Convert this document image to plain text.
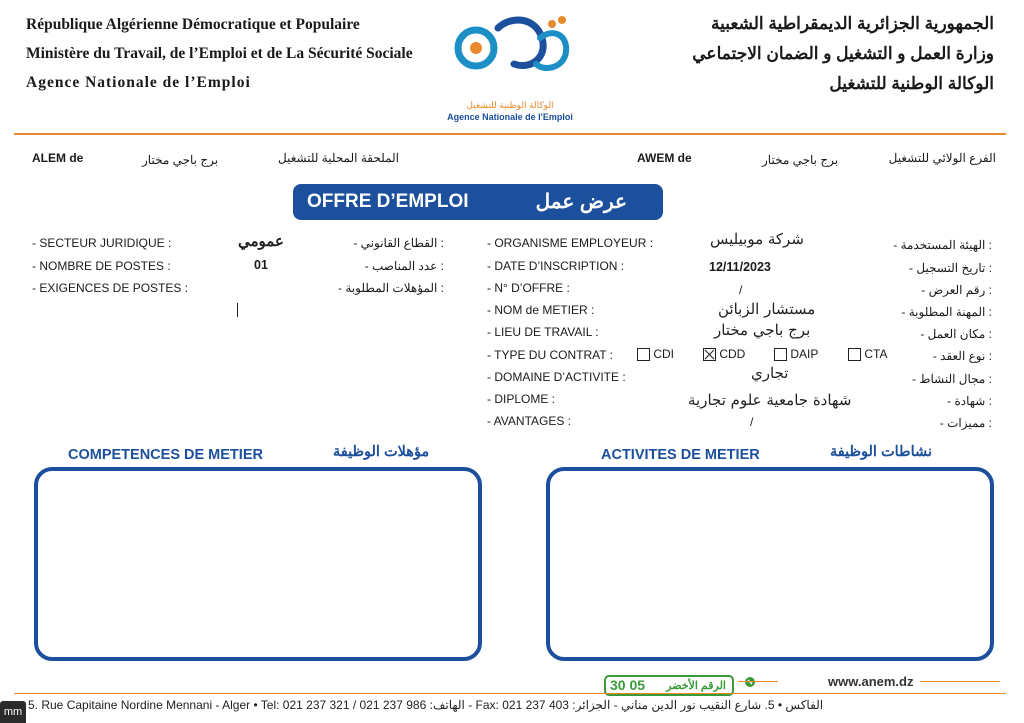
République Algérienne Démocratique et Populaire
Ministère du Travail, de l’Emploi et de La Sécurité Sociale
Agence Nationale de l’Emploi
الوكالة الوطنية للتشغيل
Agence Nationale de l'Emploi
الجمهورية الجزائرية الديمقراطية الشعبية
وزارة العمل و التشغيل و الضمان الاجتماعي
الوكالة الوطنية للتشغيل
ALEM de	برج باجي مختار	الملحقة المحلية للتشغيل	AWEM de	برج باجي مختار	الفرع الولائي للتشغيل
OFFRE D’EMPLOI	عرض عمل
- SECTEUR JURIDIQUE :	عمومي	- القطاع القانوني :
- NOMBRE DE POSTES :	01	- عدد المناصب :
- EXIGENCES DE POSTES :	- المؤهلات المطلوبة :
- ORGANISME EMPLOYEUR :	شركة موبيليس	- الهيئة المستخدمة :
- DATE D’INSCRIPTION :	12/11/2023	- تاريخ التسجيل :
- N° D’OFFRE :	/	- رقم العرض :
- NOM de METIER :	مستشار الزبائن	- المهنة المطلوبة :
- LIEU DE TRAVAIL :	برج باجي مختار	- مكان العمل :
- TYPE DU CONTRAT :	CDI	CDD	DAIP	CTA	- نوع العقد :
- DOMAINE D’ACTIVITE :	تجاري	- مجال النشاط :
- DIPLOME :	شهادة جامعية علوم تجارية	- شهادة :
- AVANTAGES :	/	- مميزات :
COMPETENCES DE METIER	مؤهلات الوظيفة	ACTIVITES DE METIER	نشاطات الوظيفة
30 05 الرقم الأخضر	www.anem.dz
5. Rue Capitaine Nordine Mennani - Alger • Tel: 021 237 321 / 021 237 986 :الهاتف - Fax: 021 237 403 :الفاكس • 5. شارع النقيب نور الدين مناني - الجزائر
mm
